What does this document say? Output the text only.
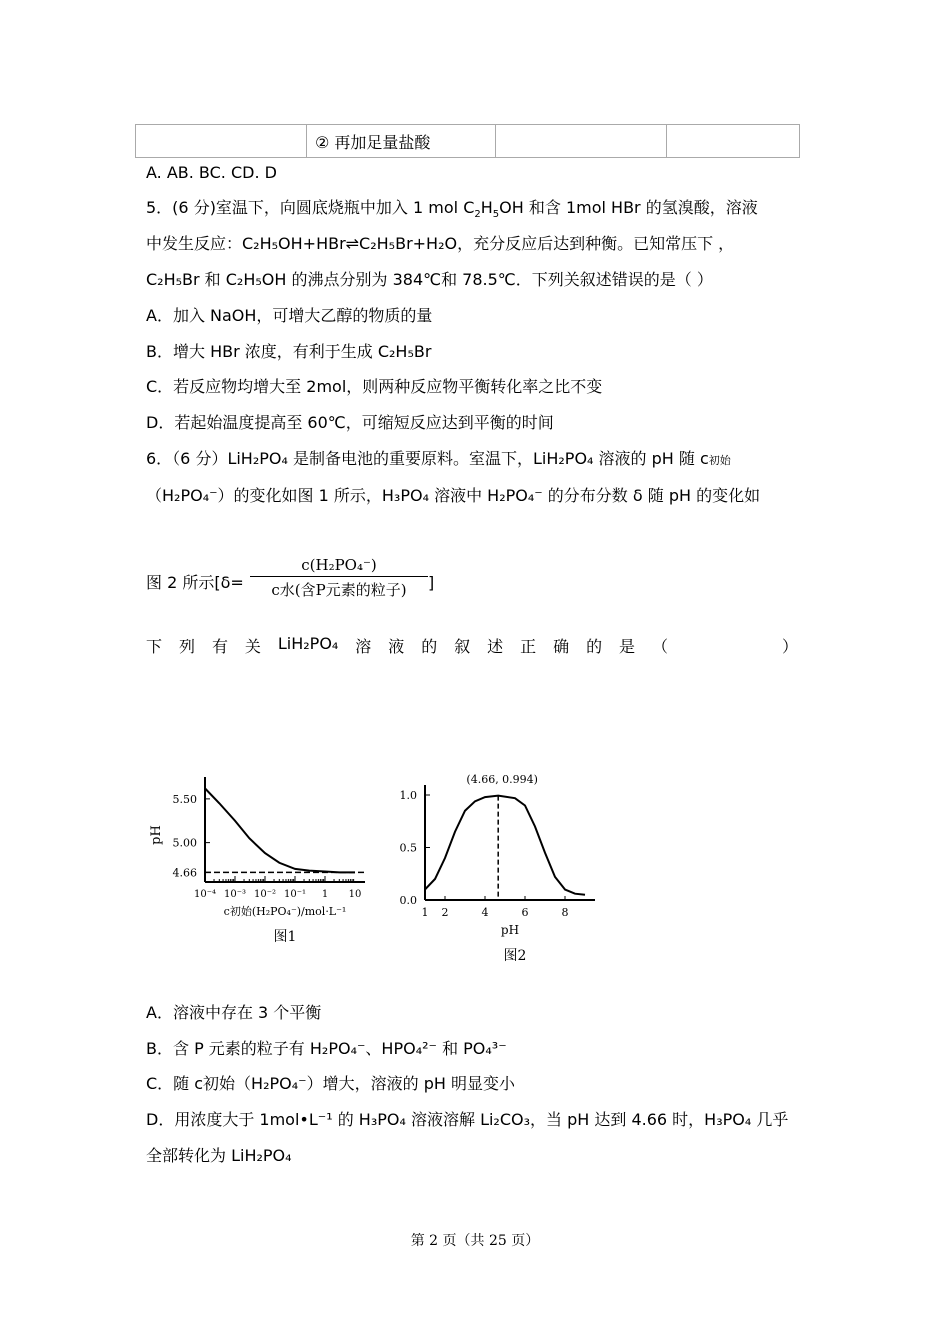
	② 再加足量盐酸		
A. AB. BC. CD. D
5．(6 分)室温下，向圆底烧瓶中加入 1 mol $C_2H_5OH$ 和含 1mol HBr 的氢溴酸，溶液
中发生反应：C₂H₅OH+HBr⇌C₂H₅Br+H₂O，充分反应后达到种衡。已知常压下 ，
C₂H₅Br 和 C₂H₅OH 的沸点分别为 384℃和 78.5℃．下列关叙述错误的是（ ）
A．加入 NaOH，可增大乙醇的物质的量
B．增大 HBr 浓度，有利于生成 C₂H₅Br
C．若反应物均增大至 2mol，则两种反应物平衡转化率之比不变
D．若起始温度提高至 60℃，可缩短反应达到平衡的时间
6．（6 分）LiH₂PO₄ 是制备电池的重要原料。室温下，LiH₂PO₄ 溶液的 pH 随 c初始
（H₂PO₄⁻）的变化如图 1 所示，H₃PO₄ 溶液中 H₂PO₄⁻ 的分布分数 δ 随 pH 的变化如
图 2 所示[δ=
c(H₂PO₄⁻)
c水(含P元素的粒子)	]
下 列 有 关 LiH₂PO₄ 溶 液 的 叙 述 正 确 的 是 （	）
5.50
5.00
4.66
10⁻⁴ 10⁻³ 10⁻² 10⁻¹ 1 10
pH
c初始(H₂PO₄⁻)/mol·L⁻¹
图1
1.0
0.5
0.0
1 2	4	6	8
(4.66, 0.994)
pH
图2
A．溶液中存在 3 个平衡
B．含 P 元素的粒子有 H₂PO₄⁻、HPO₄²⁻ 和 PO₄³⁻
C．随 c初始（H₂PO₄⁻）增大，溶液的 pH 明显变小
D．用浓度大于 1mol•L⁻¹ 的 H₃PO₄ 溶液溶解 Li₂CO₃，当 pH 达到 4.66 时，H₃PO₄ 几乎
全部转化为 LiH₂PO₄
第 2 页（共 25 页）
